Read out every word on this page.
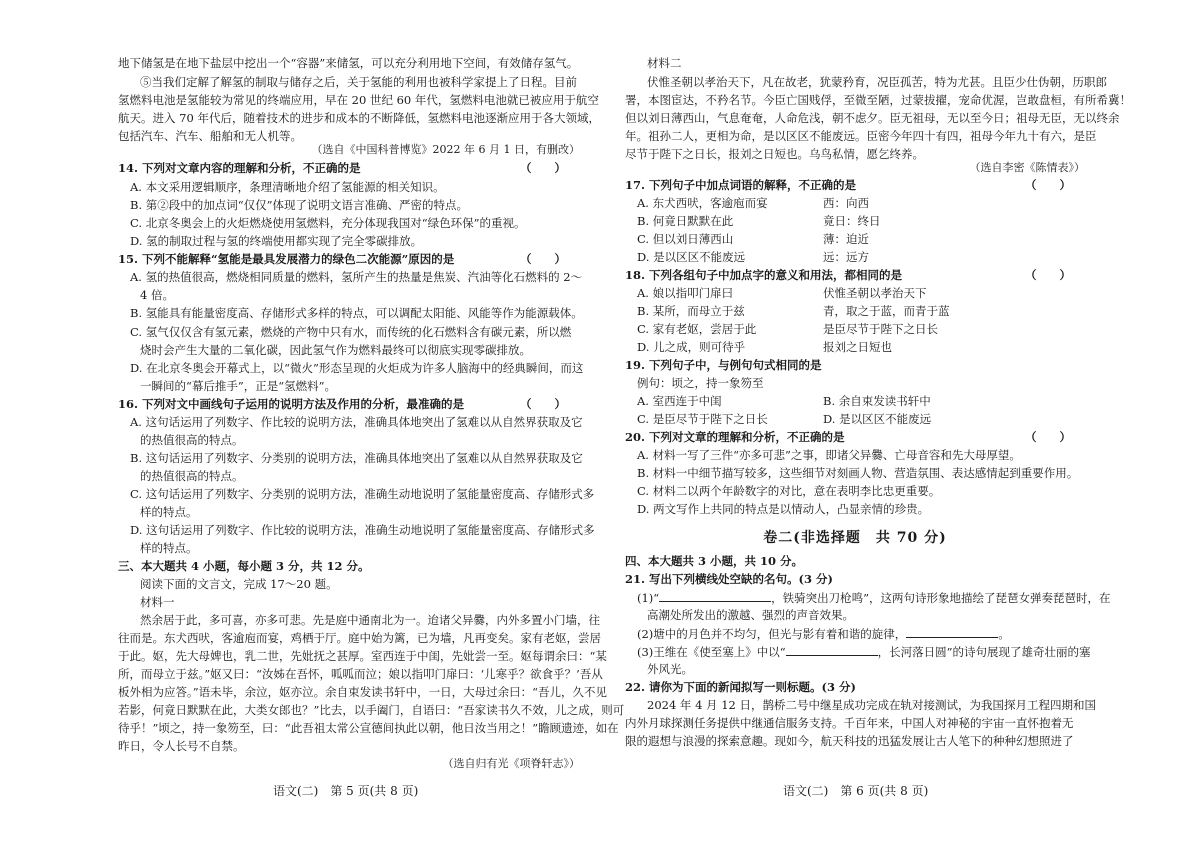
地下储氢是在地下盐层中挖出一个“容器”来储氢，可以充分利用地下空间，有效储存氢气。
⑤当我们定解了解氢的制取与储存之后，关于氢能的利用也被科学家提上了日程。目前
氢燃料电池是氢能较为常见的终端应用，早在 20 世纪 60 年代，氢燃料电池就已被应用于航空
航天。进入 70 年代后，随着技术的进步和成本的不断降低，氢燃料电池逐渐应用于各大领域，
包括汽车、汽车、船舶和无人机等。
（选自《中国科普博览》2022 年 6 月 1 日，有删改）
14. 下列对文章内容的理解和分析，不正确的是	（　　）
A. 本文采用逻辑顺序，条理清晰地介绍了氢能源的相关知识。
B. 第②段中的加点词“仅仅”体现了说明文语言准确、严密的特点。
C. 北京冬奥会上的火炬燃烧使用氢燃料，充分体现我国对“绿色环保”的重视。
D. 氢的制取过程与氢的终端使用都实现了完全零碳排放。
15. 下列不能解释“氢能是最具发展潜力的绿色二次能源”原因的是	（　　）
A. 氢的热值很高，燃烧相同质量的燃料，氢所产生的热量是焦炭、汽油等化石燃料的 2～
4 倍。
B. 氢能具有能量密度高、存储形式多样的特点，可以调配太阳能、风能等作为能源载体。
C. 氢气仅仅含有氢元素，燃烧的产物中只有水，而传统的化石燃料含有碳元素，所以燃
烧时会产生大量的二氧化碳，因此氢气作为燃料最终可以彻底实现零碳排放。
D. 在北京冬奥会开幕式上，以“微火”形态呈现的火炬成为许多人脑海中的经典瞬间，而这
一瞬间的“幕后推手”，正是“氢燃料”。
16. 下列对文中画线句子运用的说明方法及作用的分析，最准确的是	（　　）
A. 这句话运用了列数字、作比较的说明方法，准确具体地突出了氢难以从自然界获取及它
的热值很高的特点。
B. 这句话运用了列数字、分类别的说明方法，准确具体地突出了氢难以从自然界获取及它
的热值很高的特点。
C. 这句话运用了列数字、分类别的说明方法，准确生动地说明了氢能量密度高、存储形式多
样的特点。
D. 这句话运用了列数字、作比较的说明方法，准确生动地说明了氢能量密度高、存储形式多
样的特点。
三、本大题共 4 小题，每小题 3 分，共 12 分。
阅读下面的文言文，完成 17～20 题。
材料一
然余居于此，多可喜，亦多可悲。先是庭中通南北为一。迨诸父异爨，内外多置小门墙，往
往而是。东犬西吠，客逾庖而宴，鸡栖于厅。庭中始为篱，已为墙，凡再变矣。家有老妪，尝居
于此。妪，先大母婢也，乳二世，先妣抚之甚厚。室西连于中闺，先妣尝一至。妪每谓余曰：“某
所，而母立于兹。”妪又曰：“汝姊在吾怀，呱呱而泣；娘以指叩门扉曰：‘儿寒乎？欲食乎？’吾从
板外相为应答。”语未毕，余泣，妪亦泣。余自束发读书轩中，一日，大母过余曰：“吾儿，久不见
若影，何竟日默默在此，大类女郎也？”比去，以手阖门，自语曰：“吾家读书久不效，儿之成，则可
待乎！”顷之，持一象笏至，曰：“此吾祖太常公宣德间执此以朝，他日汝当用之！”瞻顾遗迹，如在
昨日，令人长号不自禁。
（选自归有光《项脊轩志》）
语文(二)　第 5 页(共 8 页)
材料二
伏惟圣朝以孝治天下，凡在故老，犹蒙矜育，况臣孤苦，特为尤甚。且臣少仕伪朝，历职郎
署，本图宦达，不矜名节。今臣亡国贱俘，至微至陋，过蒙拔擢，宠命优渥，岂敢盘桓，有所希冀！
但以刘日薄西山，气息奄奄，人命危浅，朝不虑夕。臣无祖母，无以至今日；祖母无臣，无以终余
年。祖孙二人，更相为命，是以区区不能废远。臣密今年四十有四，祖母今年九十有六，是臣
尽节于陛下之日长，报刘之日短也。乌鸟私情，愿乞终养。
（选自李密《陈情表》）
17. 下列句子中加点词语的解释，不正确的是	（　　）
A. 东犬西吠，客逾庖而宴	西：向西
B. 何竟日默默在此	竟日：终日
C. 但以刘日薄西山	薄：迫近
D. 是以区区不能废远	远：远方
18. 下列各组句子中加点字的意义和用法，都相同的是	（　　）
A. 娘以指叩门扉曰	伏惟圣朝以孝治天下
B. 某所，而母立于兹	青，取之于蓝，而青于蓝
C. 家有老妪，尝居于此	是臣尽节于陛下之日长
D. 儿之成，则可待乎	报刘之日短也
19. 下列句子中，与例句句式相同的是
例句：顷之，持一象笏至
A. 室西连于中闺	B. 余自束发读书轩中
C. 是臣尽节于陛下之日长	D. 是以区区不能废远
20. 下列对文章的理解和分析，不正确的是	（　　）
A. 材料一写了三件“亦多可悲”之事，即诸父异爨、亡母音容和先大母厚望。
B. 材料一中细节描写较多，这些细节对刻画人物、营造氛围、表达感情起到重要作用。
C. 材料二以两个年龄数字的对比，意在表明李比忠更重要。
D. 两文写作上共同的特点是以情动人，凸显亲情的珍贵。
卷二(非选择题　共 70 分)
四、本大题共 3 小题，共 10 分。
21. 写出下列横线处空缺的名句。(3 分)
(1)“	，铁骑突出刀枪鸣”，这两句诗形象地描绘了琵琶女弹奏琵琶时，在
高潮处所发出的激越、强烈的声音效果。
(2)塘中的月色并不均匀，但光与影有着和谐的旋律，	。
(3)王维在《使至塞上》中以“	，长河落日圆”的诗句展现了雄奇壮丽的塞
外风光。
22. 请你为下面的新闻拟写一则标题。(3 分)
2024 年 4 月 12 日，鹊桥二号中继星成功完成在轨对接测试，为我国探月工程四期和国
内外月球探测任务提供中继通信服务支持。千百年来，中国人对神秘的宇宙一直怀抱着无
限的遐想与浪漫的探索意趣。现如今，航天科技的迅猛发展让古人笔下的种种幻想照进了
语文(二)　第 6 页(共 8 页)
